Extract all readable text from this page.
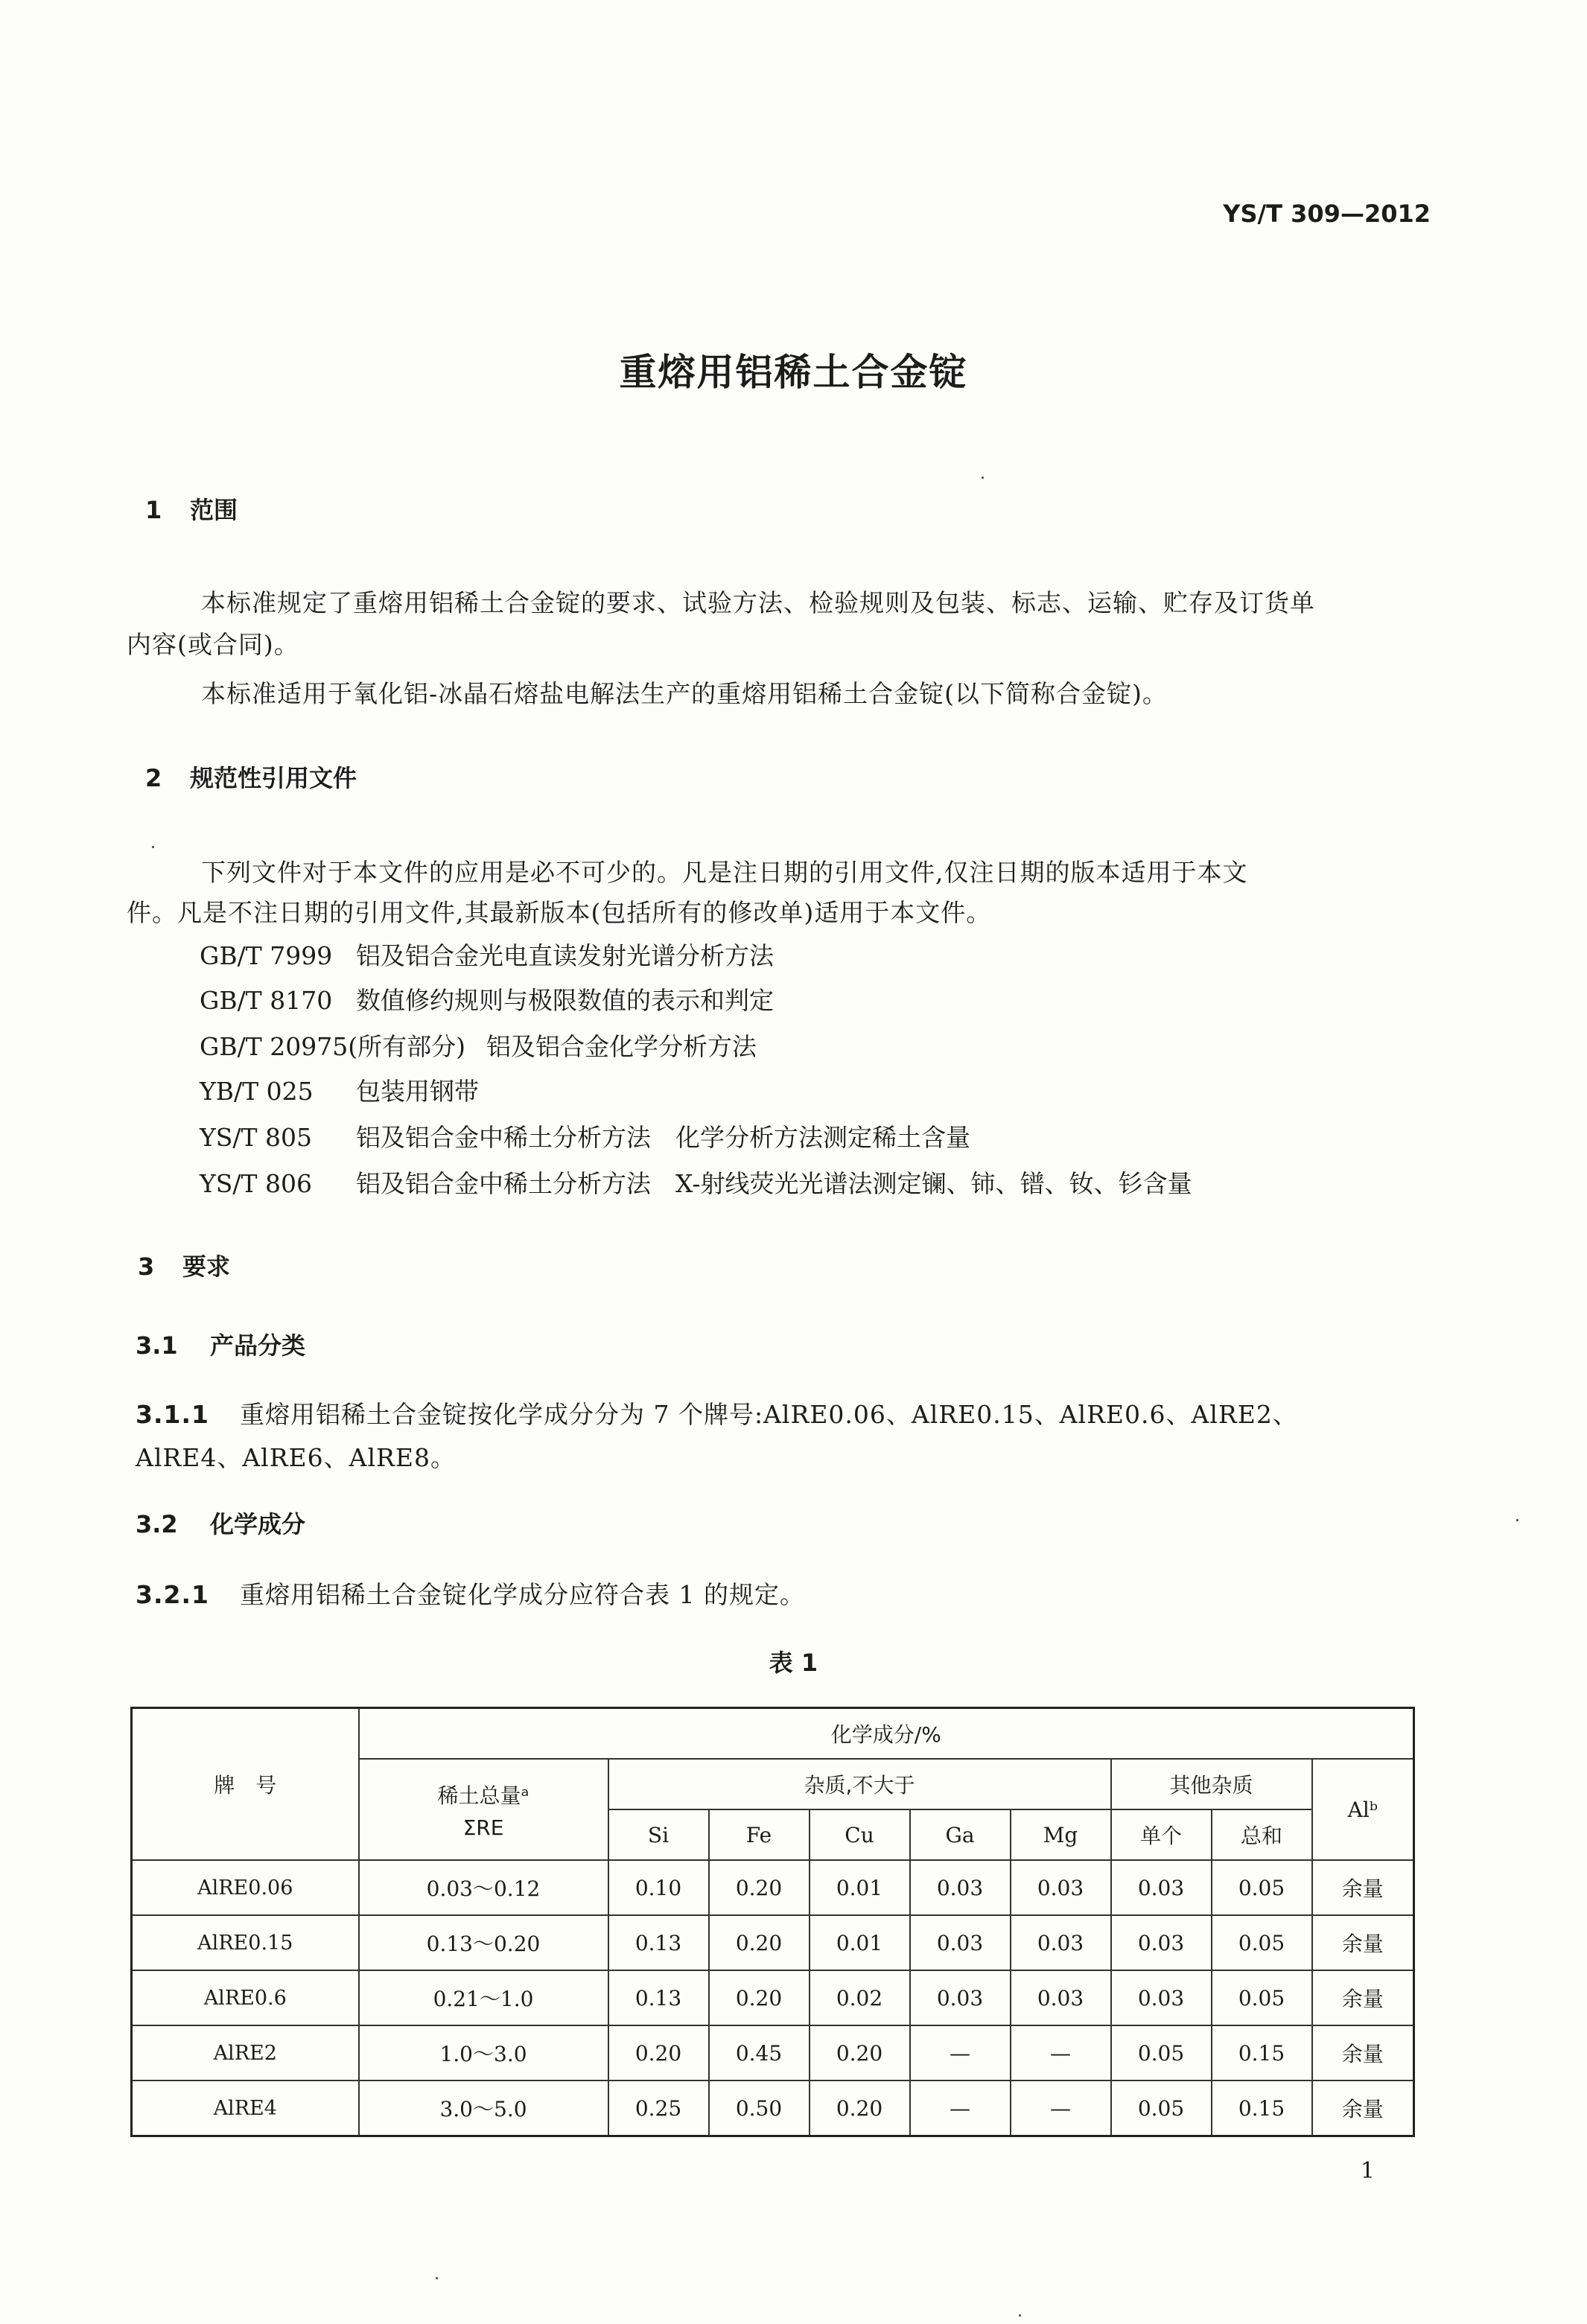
YS/T 309—2012
重熔用铝稀土合金锭
1 范围
本标准规定了重熔用铝稀土合金锭的要求、试验方法、检验规则及包装、标志、运输、贮存及订货单
内容(或合同)。
本标准适用于氧化铝-冰晶石熔盐电解法生产的重熔用铝稀土合金锭(以下简称合金锭)。
2 规范性引用文件
下列文件对于本文件的应用是必不可少的。凡是注日期的引用文件,仅注日期的版本适用于本文
件。凡是不注日期的引用文件,其最新版本(包括所有的修改单)适用于本文件。
GB/T 7999 铝及铝合金光电直读发射光谱分析方法
GB/T 8170 数值修约规则与极限数值的表示和判定
GB/T 20975(所有部分) 铝及铝合金化学分析方法
YB/T 025 包装用钢带
YS/T 805 铝及铝合金中稀土分析方法　化学分析方法测定稀土含量
YS/T 806 铝及铝合金中稀土分析方法　X-射线荧光光谱法测定镧、铈、镨、钕、钐含量
3 要求
3.1 产品分类
3.1.1 重熔用铝稀土合金锭按化学成分分为 7 个牌号:AlRE0.06、AlRE0.15、AlRE0.6、AlRE2、
AlRE4、AlRE6、AlRE8。
3.2 化学成分
3.2.1 重熔用铝稀土合金锭化学成分应符合表 1 的规定。
表 1
牌　号	化学成分/%								

	稀土总量ᵃ
ΣRE	杂质,不大于					其他杂质		Alᵇ
		Si	Fe	Cu	Ga	Mg	单个	总和	
AlRE0.06	0.03～0.12	0.10	0.20	0.01	0.03	0.03	0.03	0.05	余量
AlRE0.15	0.13～0.20	0.13	0.20	0.01	0.03	0.03	0.03	0.05	余量
AlRE0.6	0.21～1.0	0.13	0.20	0.02	0.03	0.03	0.03	0.05	余量
AlRE2	1.0～3.0	0.20	0.45	0.20	—	—	0.05	0.15	余量
AlRE4	3.0～5.0	0.25	0.50	0.20	—	—	0.05	0.15	余量
1
